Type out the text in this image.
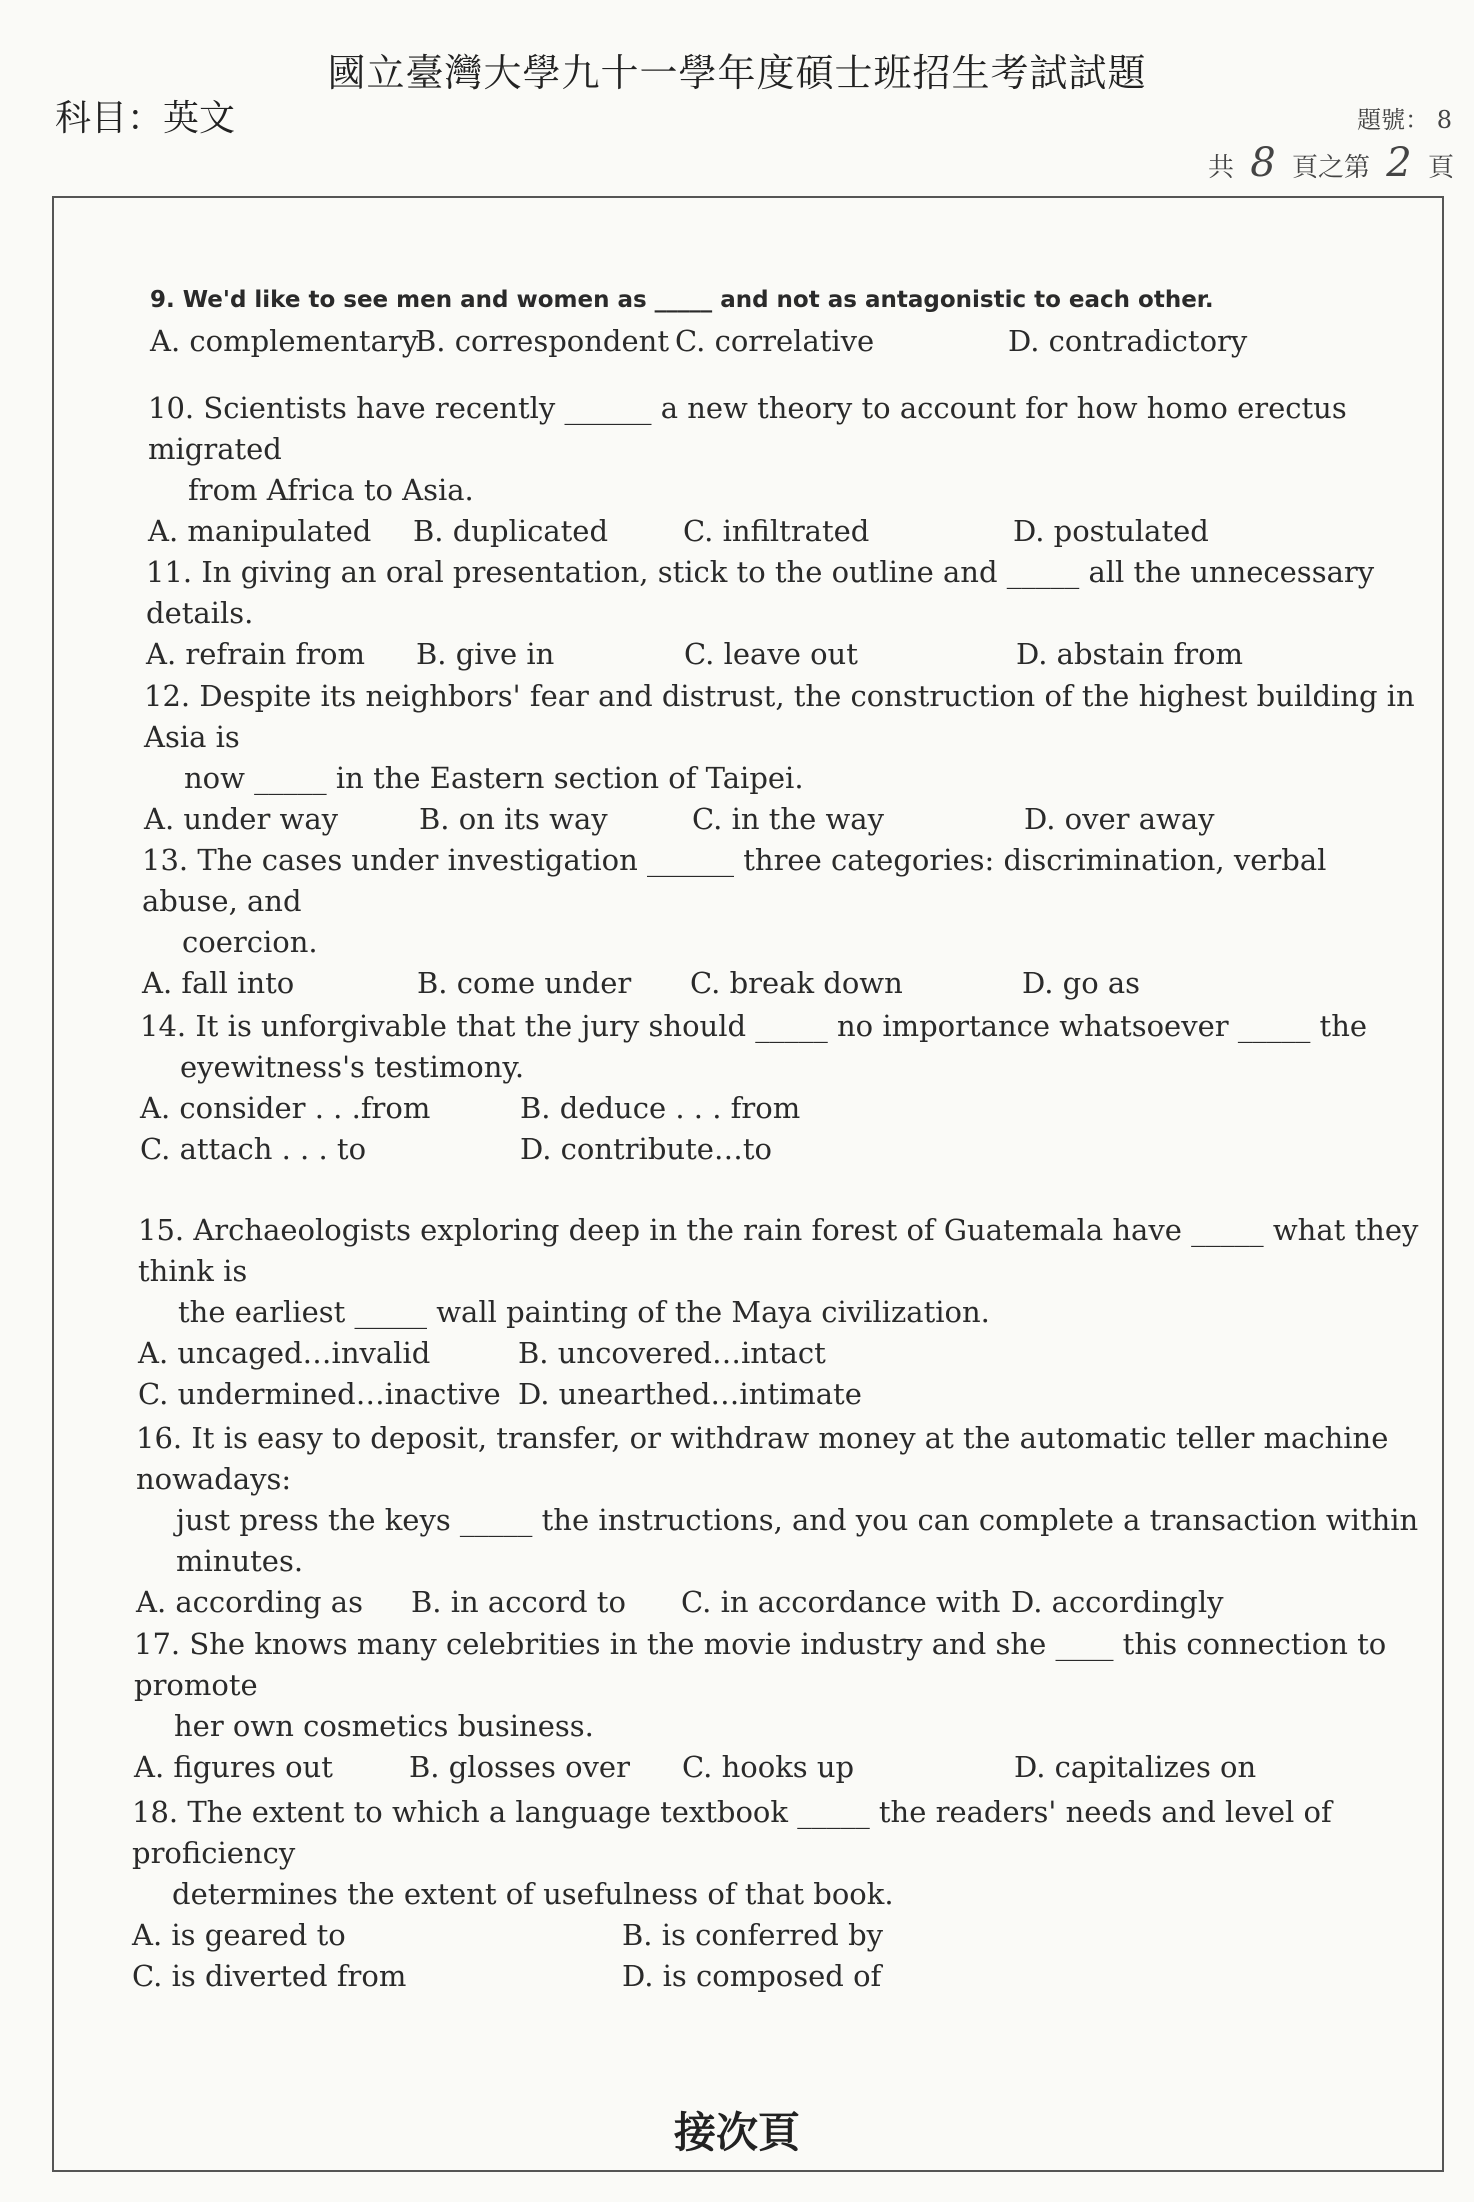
國立臺灣大學九十一學年度碩士班招生考試試題
科目：英文	題號： 8
共 8 頁之第 2 頁
9. We'd like to see men and women as _____ and not as antagonistic to each other.
A. complementary
B. correspondent C. correlative	D. contradictory
10. Scientists have recently ______ a new theory to account for how homo erectus migrated
from Africa to Asia.
A. manipulated B. duplicated	C. infiltrated	D. postulated
11. In giving an oral presentation, stick to the outline and _____ all the unnecessary details.
A. refrain from B. give in	C. leave out	D. abstain from
12. Despite its neighbors' fear and distrust, the construction of the highest building in Asia is
now _____ in the Eastern section of Taipei.
A. under way	B. on its way	C. in the way	D. over away
13. The cases under investigation ______ three categories: discrimination, verbal abuse, and
coercion.
A. fall into	B. come under C. break down	D. go as
14. It is unforgivable that the jury should _____ no importance whatsoever _____ the
eyewitness's testimony.
A. consider . . .from	B. deduce . . . from
C. attach . . . to	D. contribute…to
15. Archaeologists exploring deep in the rain forest of Guatemala have _____ what they think is
the earliest _____ wall painting of the Maya civilization.
A. uncaged…invalid	B. uncovered…intact
C. undermined…inactive D. unearthed…intimate
16. It is easy to deposit, transfer, or withdraw money at the automatic teller machine nowadays:
just press the keys _____ the instructions, and you can complete a transaction within
minutes.
A. according as B. in accord to C. in accordance with D. accordingly
17. She knows many celebrities in the movie industry and she ____ this connection to promote
her own cosmetics business.
A. figures out	B. glosses over C. hooks up	D. capitalizes on
18. The extent to which a language textbook _____ the readers' needs and level of proficiency
determines the extent of usefulness of that book.
A. is geared to	B. is conferred by
C. is diverted from	D. is composed of
接次頁
